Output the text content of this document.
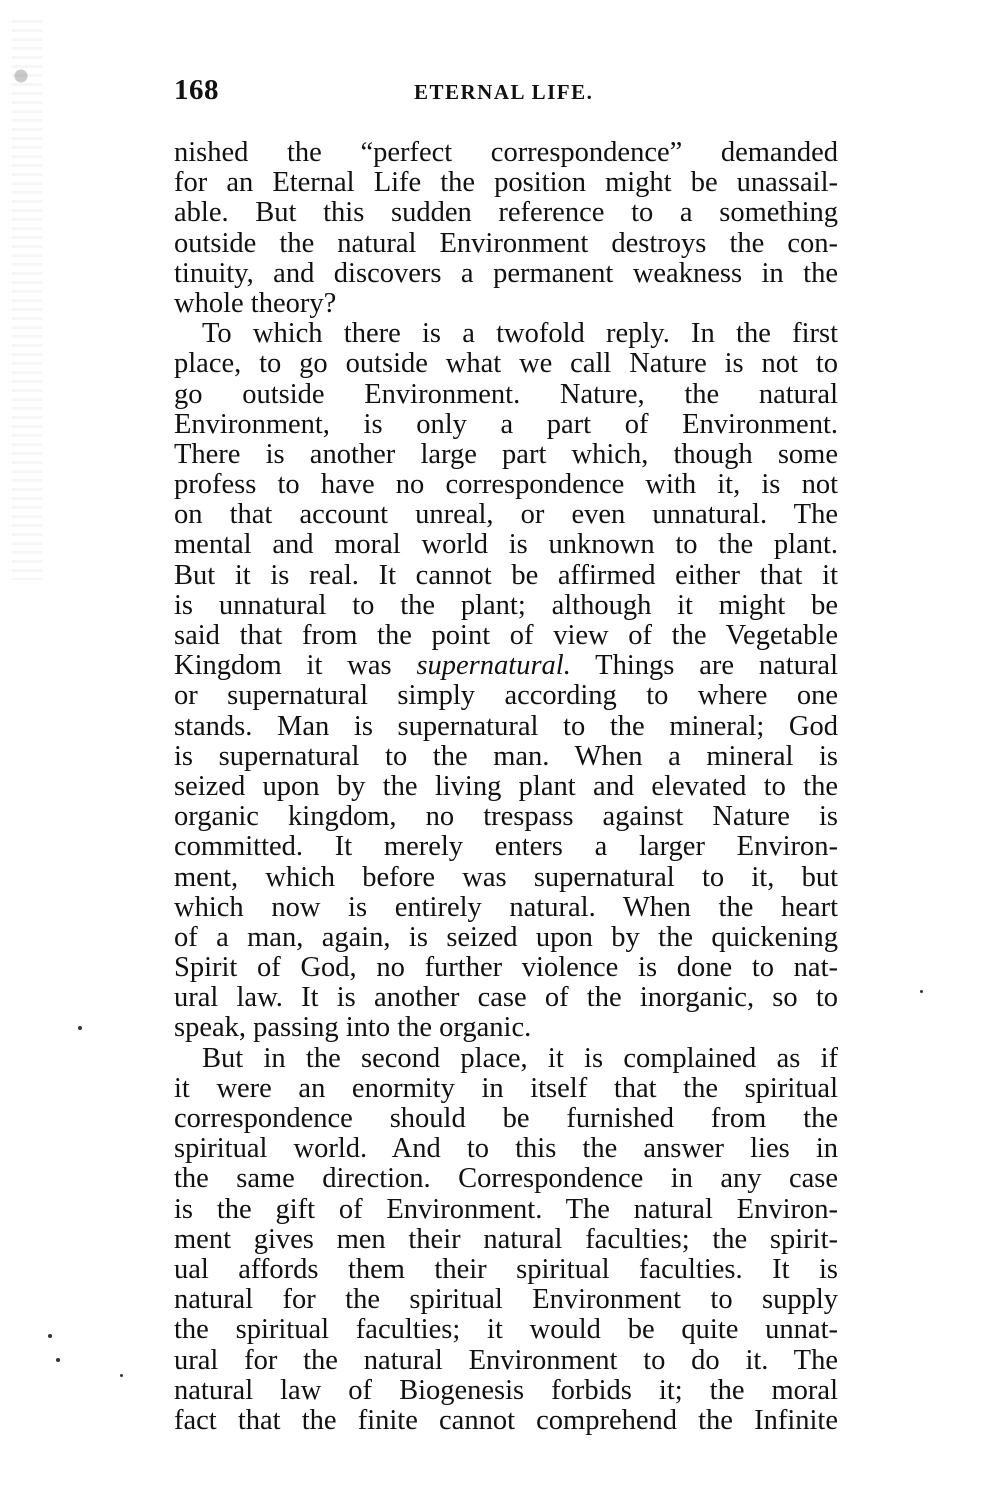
168	ETERNAL LIFE.
nished the “perfect correspondence” demanded
for an Eternal Life the position might be unassail-
able. But this sudden reference to a something
outside the natural Environment destroys the con-
tinuity, and discovers a permanent weakness in the
whole theory?
To which there is a twofold reply. In the first
place, to go outside what we call Nature is not to
go outside Environment. Nature, the natural
Environment, is only a part of Environment.
There is another large part which, though some
profess to have no correspondence with it, is not
on that account unreal, or even unnatural. The
mental and moral world is unknown to the plant.
But it is real. It cannot be affirmed either that it
is unnatural to the plant; although it might be
said that from the point of view of the Vegetable
Kingdom it was supernatural. Things are natural
or supernatural simply according to where one
stands. Man is supernatural to the mineral; God
is supernatural to the man. When a mineral is
seized upon by the living plant and elevated to the
organic kingdom, no trespass against Nature is
committed. It merely enters a larger Environ-
ment, which before was supernatural to it, but
which now is entirely natural. When the heart
of a man, again, is seized upon by the quickening
Spirit of God, no further violence is done to nat-
ural law. It is another case of the inorganic, so to
speak, passing into the organic.
But in the second place, it is complained as if
it were an enormity in itself that the spiritual
correspondence should be furnished from the
spiritual world. And to this the answer lies in
the same direction. Correspondence in any case
is the gift of Environment. The natural Environ-
ment gives men their natural faculties; the spirit-
ual affords them their spiritual faculties. It is
natural for the spiritual Environment to supply
the spiritual faculties; it would be quite unnat-
ural for the natural Environment to do it. The
natural law of Biogenesis forbids it; the moral
fact that the finite cannot comprehend the Infinite
